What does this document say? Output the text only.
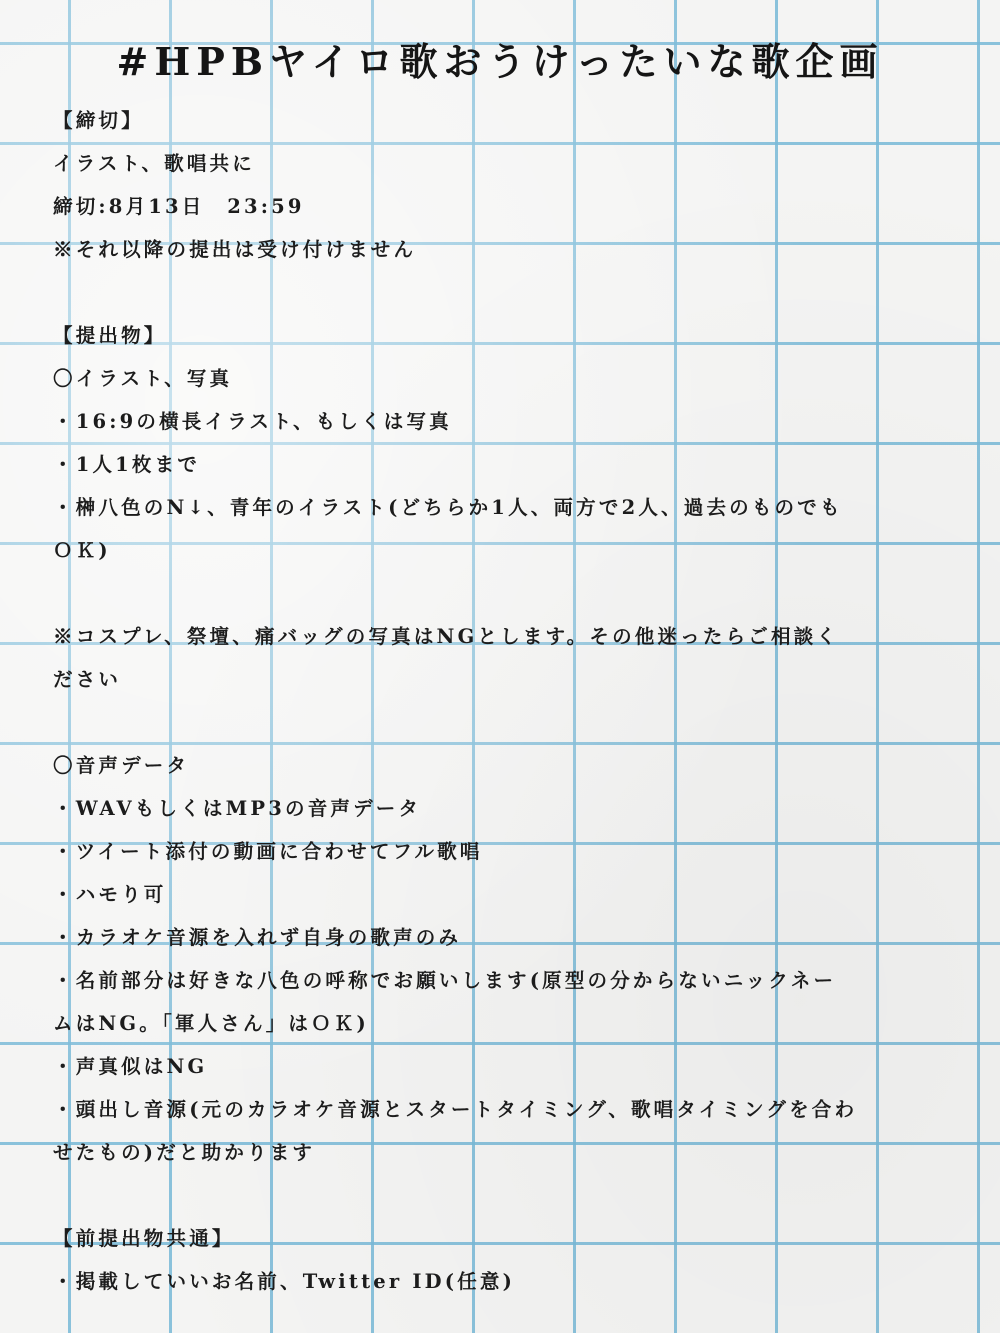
#HPBヤイロ歌おうけったいな歌企画
【締切】
イラスト、歌唱共に
締切:8月13日　23:59
※それ以降の提出は受け付けません
【提出物】
〇イラスト、写真
・16:9の横長イラスト、もしくは写真
・1人1枚まで
・榊八色のN↓、青年のイラスト(どちらか1人、両方で2人、過去のものでも
ＯＫ)
※コスプレ、祭壇、痛バッグの写真はNGとします。その他迷ったらご相談く
ださい
〇音声データ
・WAVもしくはMP3の音声データ
・ツイート添付の動画に合わせてフル歌唱
・ハモり可
・カラオケ音源を入れず自身の歌声のみ
・名前部分は好きな八色の呼称でお願いします(原型の分からないニックネー
ムはNG。「軍人さん」はＯＫ)
・声真似はNG
・頭出し音源(元のカラオケ音源とスタートタイミング、歌唱タイミングを合わ
せたもの)だと助かります
【前提出物共通】
・掲載していいお名前、Twitter ID(任意)
